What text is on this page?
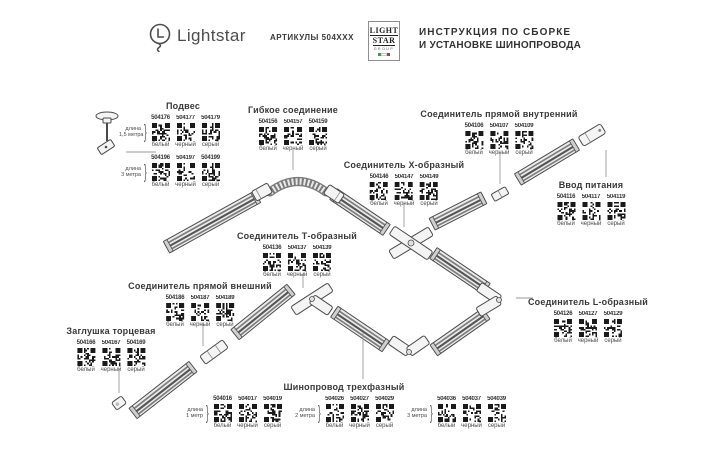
Lightstar	АРТИКУЛЫ 504XXX
LIGHT
STAR
GROUP
ИНСТРУКЦИЯ ПО СБОРКЕ
И УСТАНОВКЕ ШИНОПРОВОДА
Подвес
длина
1,5 метра }
504176
белый
504177
черный
504179
серый
длина
3 метра }
504196
белый
504197
черный
504199
серый
Гибкое соединение
504156
белый
504157
черный
504159
серый
Соединитель прямой внутренний
504106
белый
504107
черный
504109
серый
Соединитель X-образный
504146
белый
504147
черный
504149
серый
Ввод питания
504116
белый
504117
черный
504119
серый
Соединитель Т-образный
504136
белый
504137
черный
504139
серый
Соединитель прямой внешний
504186
белый
504187
черный
504189
серый
Заглушка торцевая
504166
белый
504167
черный
504169
серый
Соединитель L-образный
504126
белый
504127
черный
504129
серый
Шинопровод трехфазный
длина
1 метр }
504016
белый
504017
черный
504019
серый
длина
2 метра }
504026
белый
504027
черный
504029
серый
длина
3 метра }
504036
белый
504037
черный
504039
серый
